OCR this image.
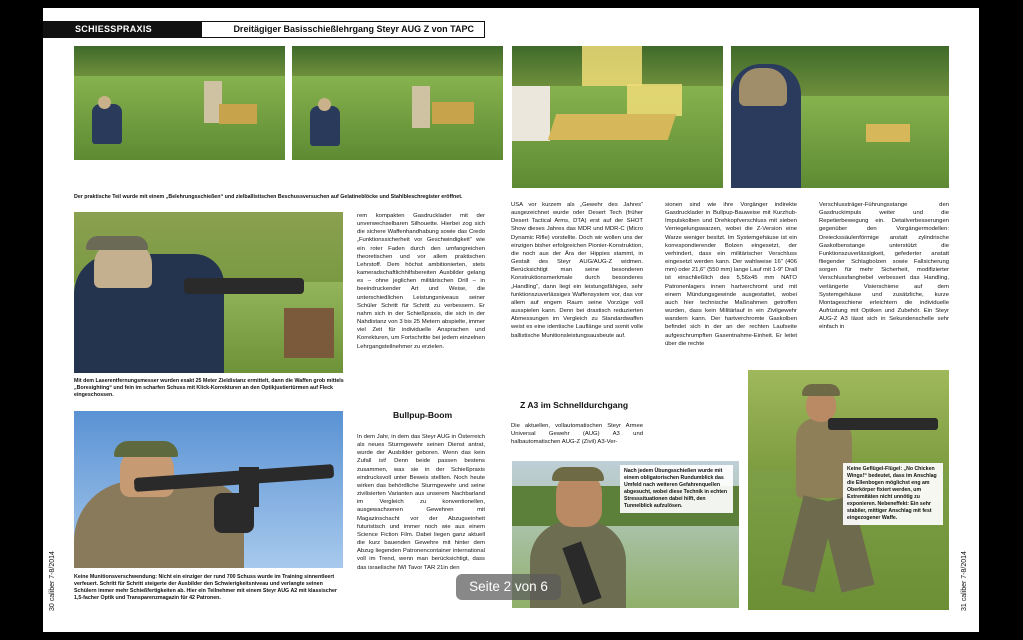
SCHIESSPRAXIS	Dreitägiger Basisschießlehrgang Steyr AUG Z von TAPC
Der praktische Teil wurde mit einem „Belehrungsschießen“ und zielballistischen Beschussversuchen auf Gelatineblöcke und Stahlbleschregister eröffnet.
Mit dem Laserentfernungsmesser wurden exakt 25 Meter Zieldistanz ermittelt, dann die Waffen grob mittels „Boresighting“ und fein im scharfen Schuss mit Klick-Korrekturen an den Optikjustiertürmen auf Fleck eingeschossen.
Keine Munitionsverschwendung: Nicht ein einziger der rund 700 Schuss wurde im Training sinnentleert verfeuert. Schritt für Schritt steigerte der Ausbilder den Schwierigkeitsniveau und verlangte seinen Schülern immer mehr Schießfertigkeiten ab. Hier ein Teilnehmer mit einem Steyr AUG A2 mit klassischer 1,5-facher Optik und Transparenzmagazin für 42 Patronen.

rem kompakten Gasdrucklader mit der unverwechselbaren Silhouette. Hierbei zog sich die sichere Waffenhandhabung sowie das Credo „Funktionssicherheit vor Geschwindigkeit“ wie ein roter Faden durch den umfangreichen theoretischen und vor allem praktischen Lehrstoff. Dem höchst ambitionierten, stets kameradschaftlichhilfsbereiten Ausbilder gelang es – ohne jeglichen militärischen Drill – in beeindruckender Art und Weise, die unterschiedlichen Leistungsniveaus seiner Schüler Schritt für Schritt zu verbessern. Er nahm sich in der Schießpraxis, die sich in der Nahdistanz von 3 bis 25 Metern abspielte, immer viel Zeit für individuelle Ansprachen und Korrekturen, um Fortschritte bei jedem einzelnen Lehrgangsteilnehmer zu erzielen.

Bullpup-Boom

In dem Jahr, in dem das Steyr AUG in Österreich als neues Sturmgewehr seinen Dienst antrat, wurde der Ausbilder geboren. Wenn das kein Zufall ist! Denn beide passen bestens zusammen, was sie in der Schießpraxis eindrucksvoll unter Beweis stellten. Noch heute wirken das behördliche Sturmgewehr und seine zivilisierten Varianten aus unserem Nachbarland im Vergleich zu konventionellen, ausgewachsenen Gewehren mit Magazinschacht vor der Abzugseinheit futuristisch und immer noch wie aus einem Science Fiction Film. Dabei liegen ganz aktuell die kurz bauenden Gewehre mit hinter dem Abzug liegenden Patronencontainer international voll im Trend, wenn man berücksichtigt, dass das israelische IWI Tavor TAR 21in den

USA vor kurzem als „Gewehr des Jahres“ ausgezeichnet wurde oder Desert Tech (früher Desert Tactical Arms, DTA) erst auf der SHOT Show dieses Jahres das MDR und MDR-C (Micro Dynamic Rifle) vorstellte. Doch wir wollen uns der einzigen bisher erfolgreichen Pionier-Konstruktion, die noch aus der Ära der Hippies stammt, in Gestalt des Steyr AUG/AUG-Z widmen. Berücksichtigt man seine besonderen Konstruktionsmerkmale durch besonderes „Handling“, dann liegt ein leistungsfähiges, sehr funktionszuverlässiges Waffensystem vor, das vor allem auf engem Raum seine Vorzüge voll ausspielen kann. Denn bei drastisch reduzierten Abmessungen im Vergleich zu Standardwaffen weist es eine identische Lauflänge und somit volle ballistische Munitionsleistungsausbeute auf.

Z A3 im Schnelldurchgang

Die aktuellen, vollautomatischen Steyr Armee Universal Gewehr (AUG) A3 und halbautomatischen AUG-Z (Zivil) A3-Ver-

sionen sind wie ihre Vorgänger indirekte Gasdrucklader in Bullpup-Bauweise mit Kurzhub-Impulskolben und Drehkopfverschluss mit sieben Verriegelungswarzen, wobei die Z-Version eine Warze weniger besitzt. Im Systemgehäuse ist ein korrespondierender Bolzen eingesetzt, der verhindert, dass ein militärischer Verschluss eingesetzt werden kann. Der wahlweise 16" (406 mm) oder 21,6" (550 mm) lange Lauf mit 1-9" Drall ist einschließlich des 5,56x45 mm NATO Patronenlagers innen hartverchromt und mit einem Mündungsgewinde ausgestattet, wobei auch hier technische Maßnahmen getroffen wurden, dass kein Militärlauf in ein Zivilgewehr wandern kann. Der hartverchromte Gaskolben befindet sich in der an der rechten Laufseite aufgeschrumpften Gasentnahme-Einheit. Er leitet über die rechte

Verschlussträger-Führungsstange den Gasdruckimpuls weiter und die Repetierbewegung ein. Detailverbesserungen gegenüber den Vorgängermodellen: Dreieckssäulenförmige anstatt zylindrische Gaskolbenstange unterstützt die Funktionszuverlässigkeit, gefederter anstatt fliegender Schlagbolzen sowie Fallsicherung sorgen für mehr Sicherheit, modifizierter Verschlussfanghebel verbessert das Handling, verlängerte Visierschiene auf dem Systemgehäuse und zusätzliche, kurze Montageschiene erleichtern die individuelle Aufrüstung mit Optiken und Zubehör. Ein Steyr AUG-Z A3 lässt sich in Sekundenschelle sehr einfach in

Nach jedem Übungsschießen wurde mit einem obligatorischen Rundumblick das Umfeld nach weiteren Gefahrenquellen abgesucht, wobei diese Technik in echten Stresssituationen dabei hilft, den Tunnelblick aufzulösen.
Keine Geflügel-Flügel: „No Chicken Wings!“ bedeutet, dass im Anschlag die Ellenbogen möglichst eng am Oberkörper fixiert werden, um Extremitäten nicht unnötig zu exponieren. Nebeneffekt: Ein sehr stabiler, mittiger Anschlag mit fest eingezogener Waffe.
30 caliber 7-8/2014	31 caliber 7-8/2014
Seite 2 von 6
